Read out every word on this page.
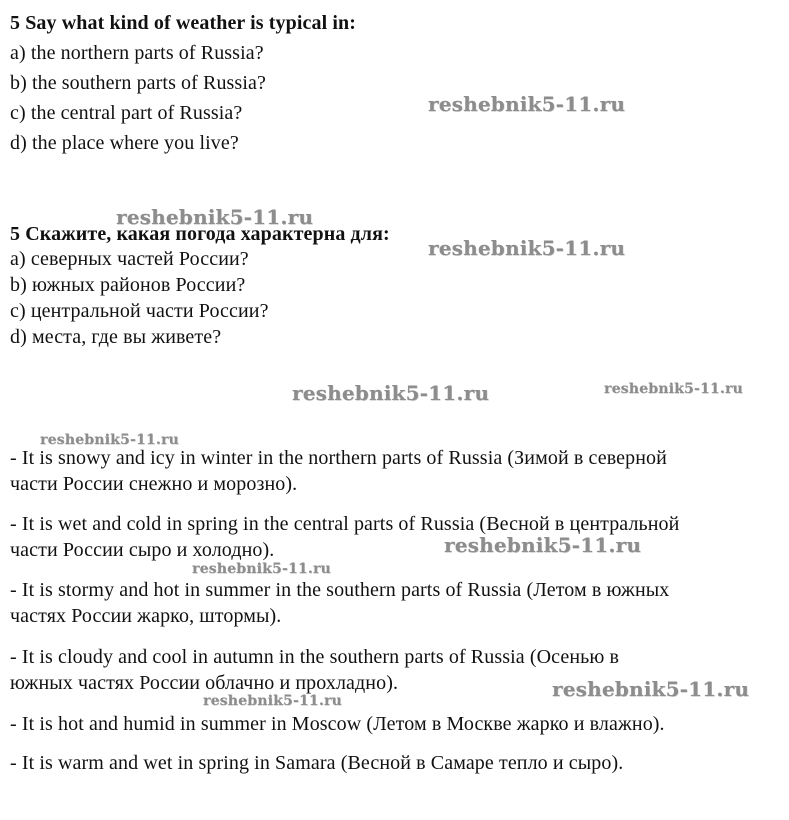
5 Say what kind of weather is typical in:
a) the northern parts of Russia?
b) the southern parts of Russia?
c) the central part of Russia?
d) the place where you live?
5 Скажите, какая погода характерна для:
a) северных частей России?
b) южных районов России?
c) центральной части России?
d) места, где вы живете?
- It is snowy and icy in winter in the northern parts of Russia (Зимой в северной
части России снежно и морозно).
- It is wet and cold in spring in the central parts of Russia (Весной в центральной
части России сыро и холодно).
- It is stormy and hot in summer in the southern parts of Russia (Летом в южных
частях России жарко, штормы).
- It is cloudy and cool in autumn in the southern parts of Russia (Осенью в
южных частях России облачно и прохладно).
- It is hot and humid in summer in Moscow (Летом в Москве жарко и влажно).
- It is warm and wet in spring in Samara (Весной в Самаре тепло и сыро).
reshebnik5-11.ru
reshebnik5-11.ru
reshebnik5-11.ru
reshebnik5-11.ru	reshebnik5-11.ru
reshebnik5-11.ru
reshebnik5-11.ru
reshebnik5-11.ru
reshebnik5-11.ru
reshebnik5-11.ru
